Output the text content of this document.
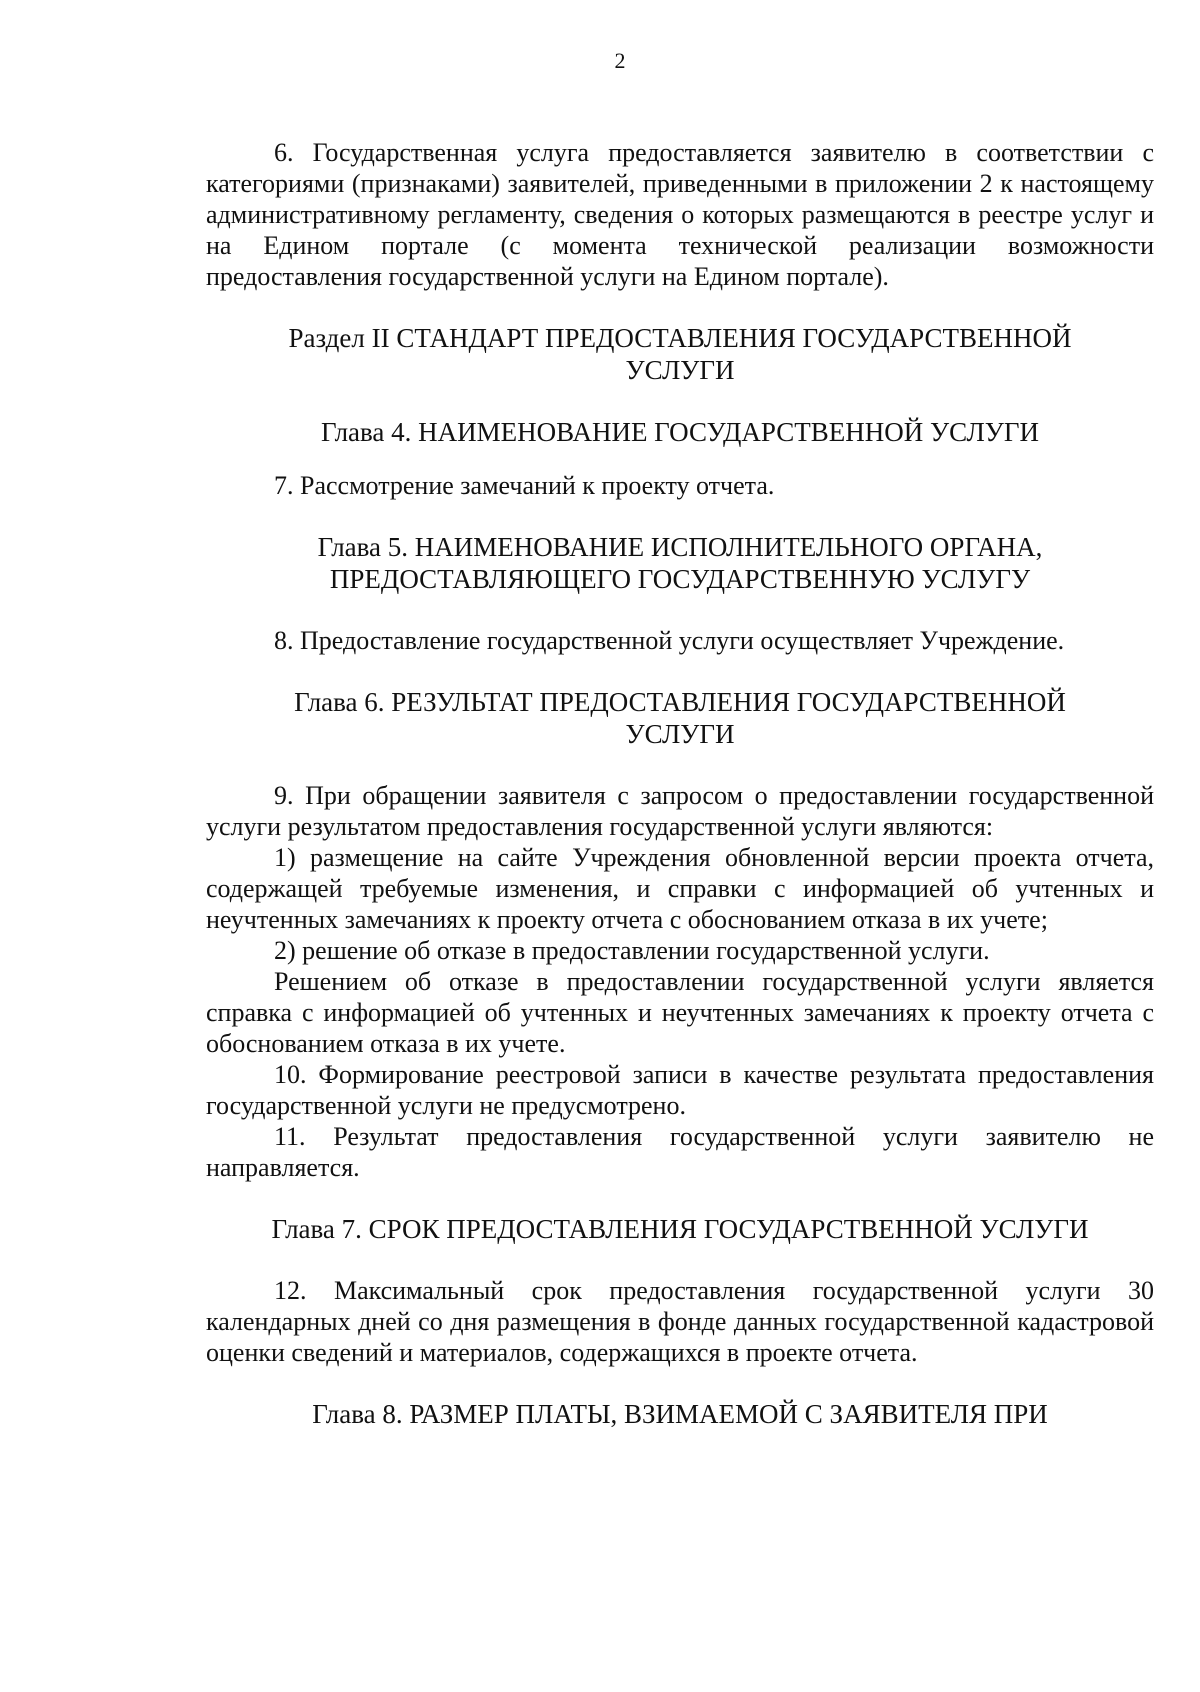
2

6. Государственная услуга предоставляется заявителю в соответствии с категориями (признаками) заявителей, приведенными в приложении 2 к настоящему административному регламенту, сведения о которых размещаются в реестре услуг и на Едином портале (с момента технической реализации возможности предоставления государственной услуги на Едином портале).

Раздел II СТАНДАРТ ПРЕДОСТАВЛЕНИЯ ГОСУДАРСТВЕННОЙ
УСЛУГИ
Глава 4. НАИМЕНОВАНИЕ ГОСУДАРСТВЕННОЙ УСЛУГИ

7. Рассмотрение замечаний к проекту отчета.

Глава 5. НАИМЕНОВАНИЕ ИСПОЛНИТЕЛЬНОГО ОРГАНА,
ПРЕДОСТАВЛЯЮЩЕГО ГОСУДАРСТВЕННУЮ УСЛУГУ

8. Предоставление государственной услуги осуществляет Учреждение.

Глава 6. РЕЗУЛЬТАТ ПРЕДОСТАВЛЕНИЯ ГОСУДАРСТВЕННОЙ
УСЛУГИ

9. При обращении заявителя с запросом о предоставлении государственной услуги результатом предоставления государственной услуги являются:

1) размещение на сайте Учреждения обновленной версии проекта отчета, содержащей требуемые изменения, и справки с информацией об учтенных и неучтенных замечаниях к проекту отчета с обоснованием отказа в их учете;

2) решение об отказе в предоставлении государственной услуги.

Решением об отказе в предоставлении государственной услуги является справка с информацией об учтенных и неучтенных замечаниях к проекту отчета с обоснованием отказа в их учете.

10. Формирование реестровой записи в качестве результата предоставления государственной услуги не предусмотрено.

11. Результат предоставления государственной услуги заявителю не направляется.

Глава 7. СРОК ПРЕДОСТАВЛЕНИЯ ГОСУДАРСТВЕННОЙ УСЛУГИ

12. Максимальный срок предоставления государственной услуги 30 календарных дней со дня размещения в фонде данных государственной кадастровой оценки сведений и материалов, содержащихся в проекте отчета.

Глава 8. РАЗМЕР ПЛАТЫ, ВЗИМАЕМОЙ С ЗАЯВИТЕЛЯ ПРИ
